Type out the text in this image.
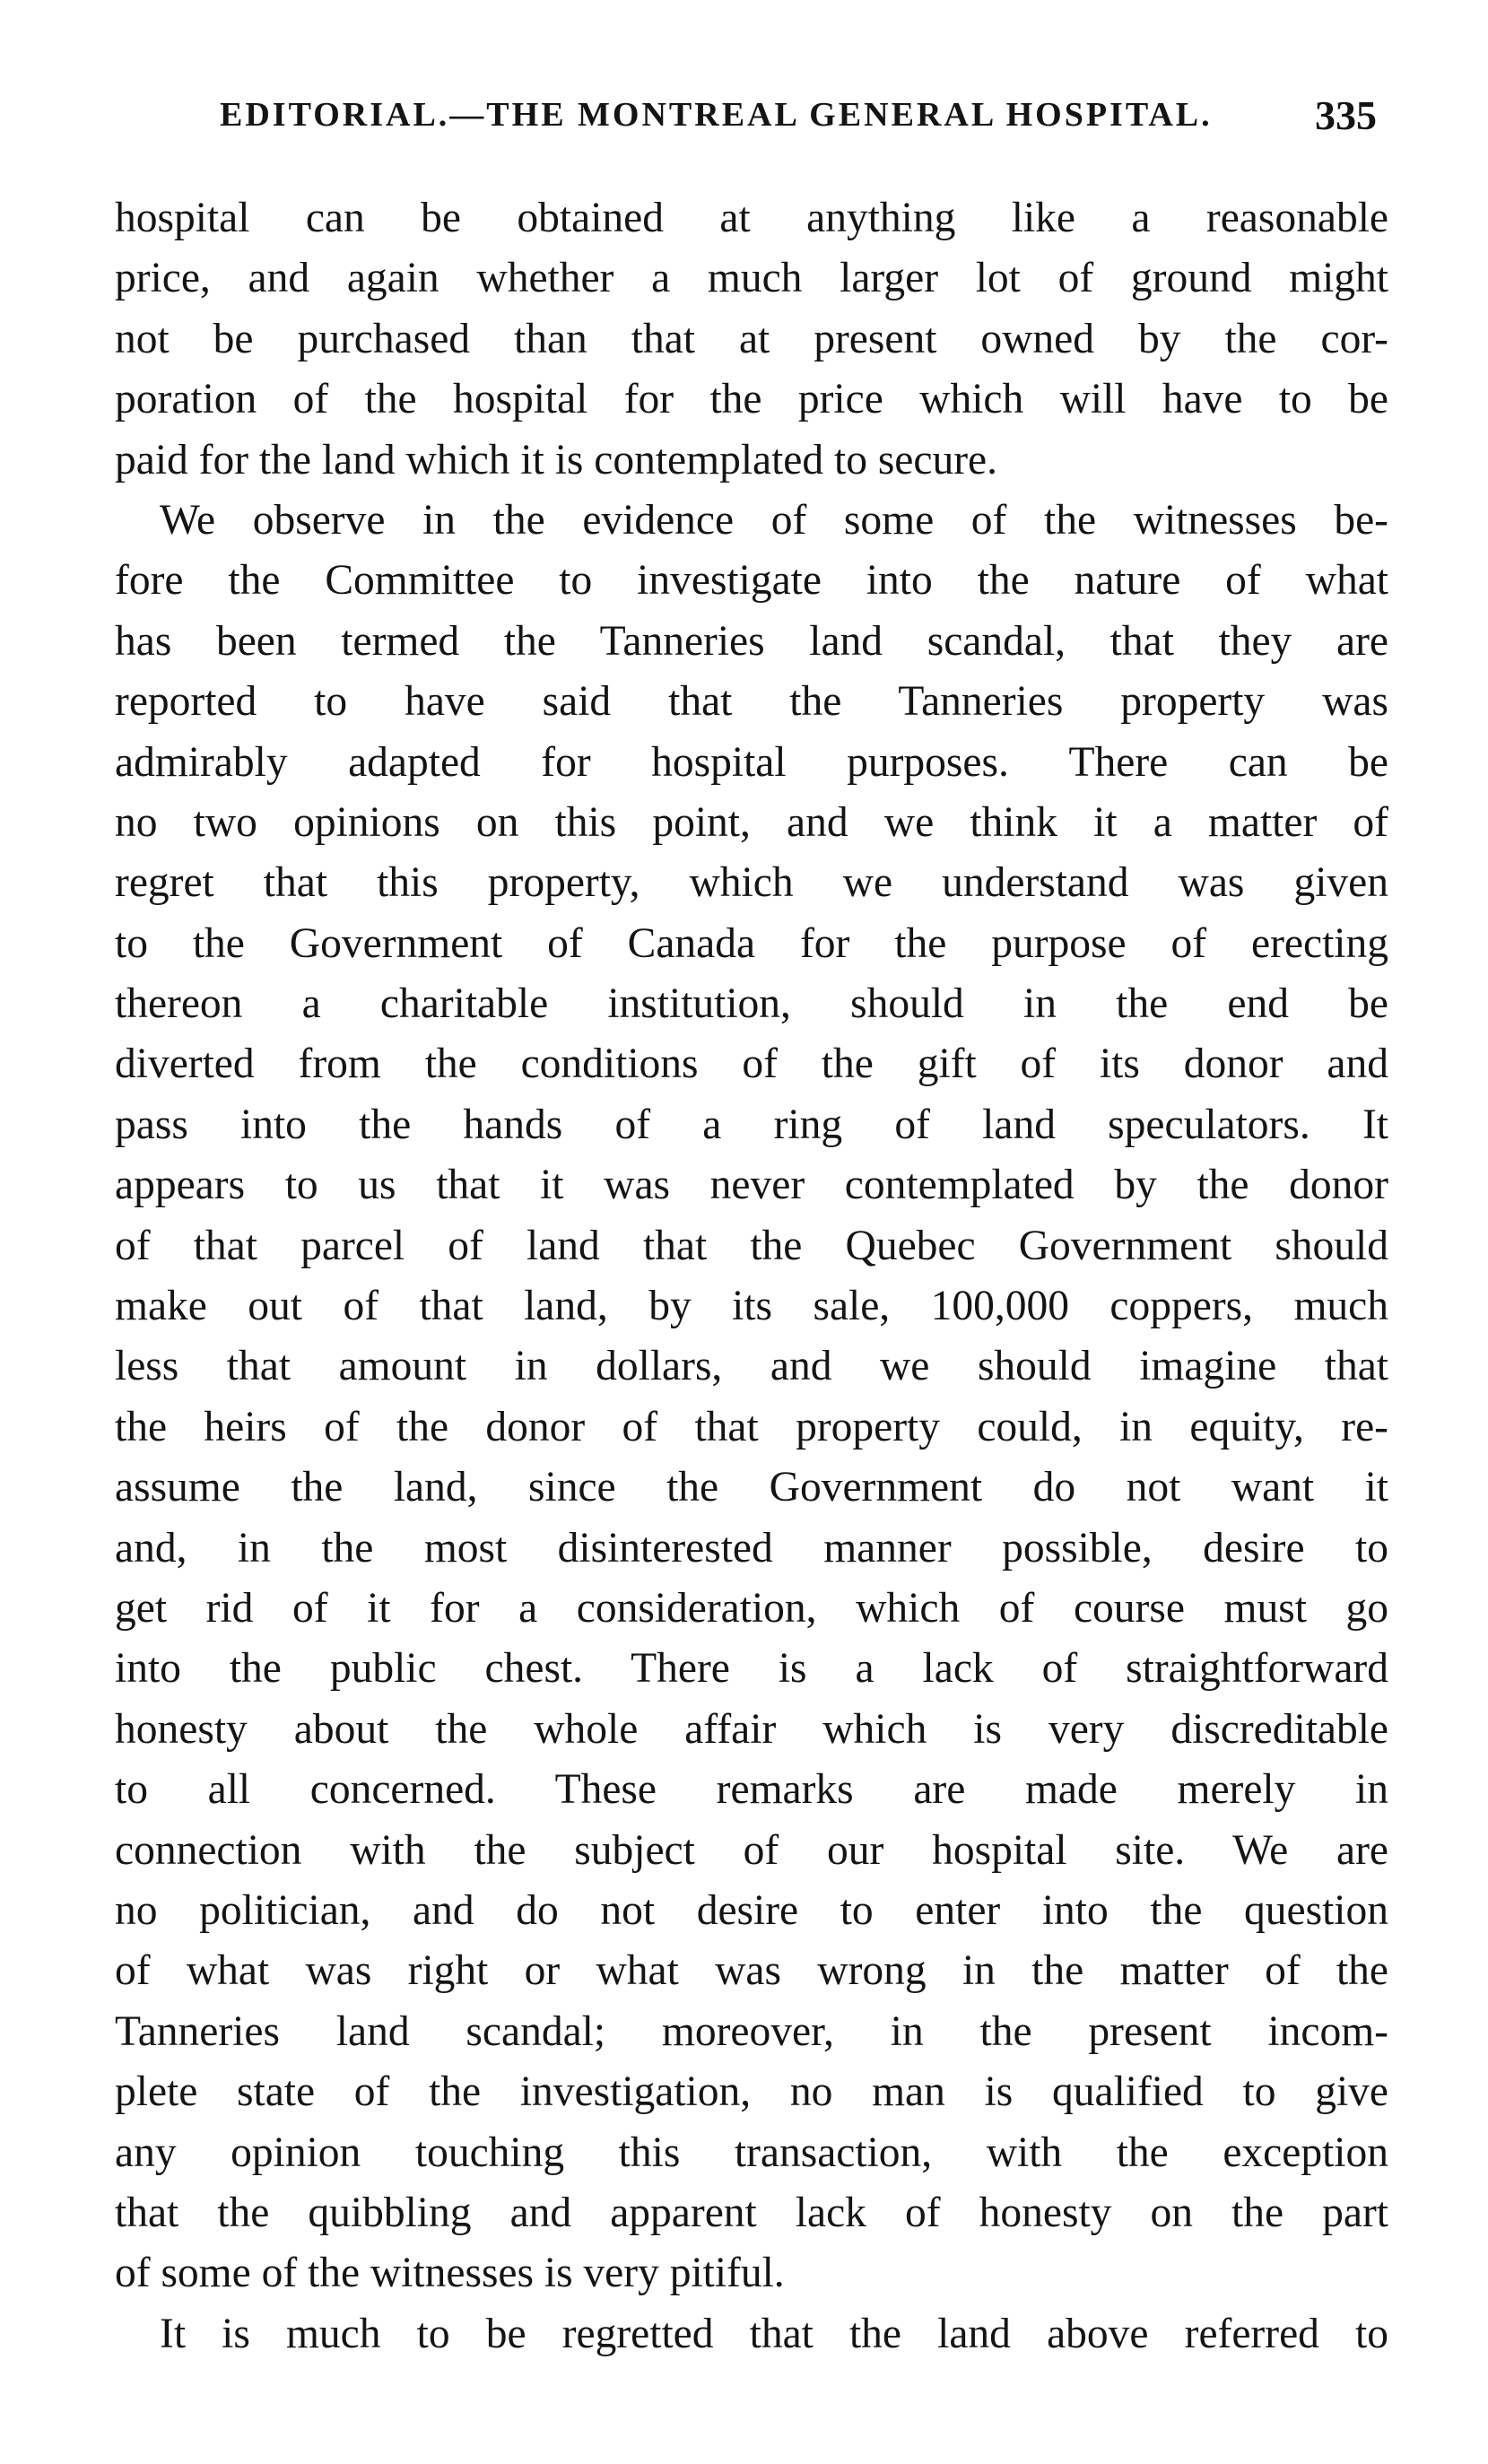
EDITORIAL.—THE MONTREAL GENERAL HOSPITAL. 335
hospital can be obtained at anything like a reasonable
price, and again whether a much larger lot of ground might
not be purchased than that at present owned by the cor-
poration of the hospital for the price which will have to be
paid for the land which it is contemplated to secure.
We observe in the evidence of some of the witnesses be-
fore the Committee to investigate into the nature of what
has been termed the Tanneries land scandal, that they are
reported to have said that the Tanneries property was
admirably adapted for hospital purposes. There can be
no two opinions on this point, and we think it a matter of
regret that this property, which we understand was given
to the Government of Canada for the purpose of erecting
thereon a charitable institution, should in the end be
diverted from the conditions of the gift of its donor and
pass into the hands of a ring of land speculators. It
appears to us that it was never contemplated by the donor
of that parcel of land that the Quebec Government should
make out of that land, by its sale, 100,000 coppers, much
less that amount in dollars, and we should imagine that
the heirs of the donor of that property could, in equity, re-
assume the land, since the Government do not want it
and, in the most disinterested manner possible, desire to
get rid of it for a consideration, which of course must go
into the public chest. There is a lack of straightforward
honesty about the whole affair which is very discreditable
to all concerned. These remarks are made merely in
connection with the subject of our hospital site. We are
no politician, and do not desire to enter into the question
of what was right or what was wrong in the matter of the
Tanneries land scandal; moreover, in the present incom-
plete state of the investigation, no man is qualified to give
any opinion touching this transaction, with the exception
that the quibbling and apparent lack of honesty on the part
of some of the witnesses is very pitiful.
It is much to be regretted that the land above referred to
